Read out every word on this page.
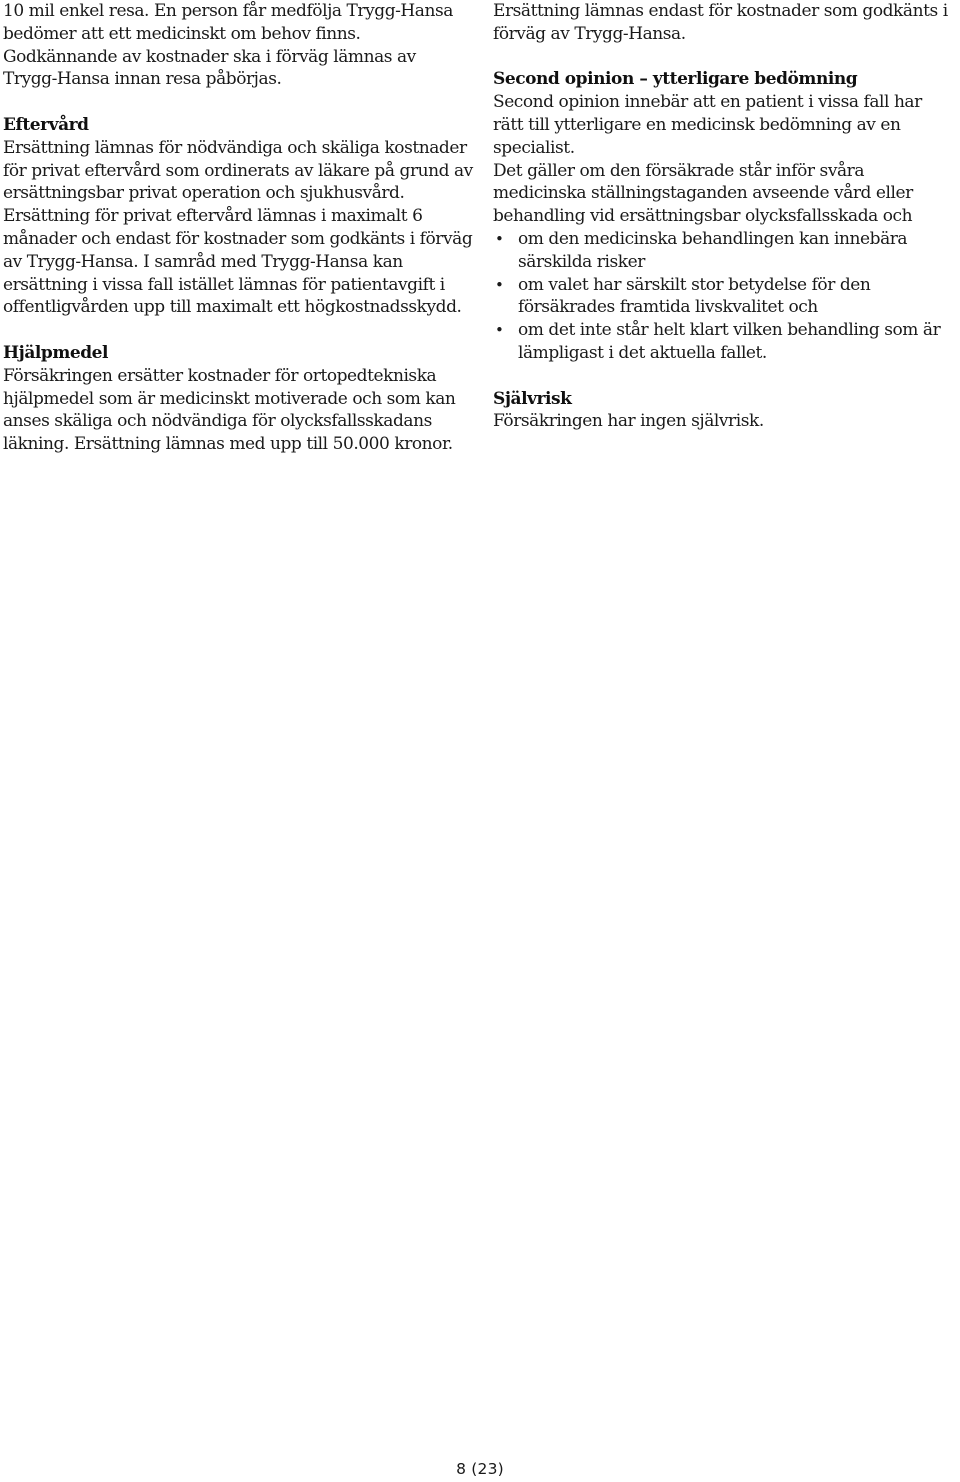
10 mil enkel resa. En person får medfölja Trygg-Hansa bedömer att ett medicinskt om behov finns. Godkännande av kostnader ska i förväg lämnas av Trygg-Hansa innan resa påbörjas.

Eftervård

Ersättning lämnas för nödvändiga och skäliga kostnader för privat eftervård som ordinerats av läkare på grund av ersättningsbar privat operation och sjukhusvård.

Ersättning för privat eftervård lämnas i maximalt 6 månader och endast för kostnader som godkänts i förväg av Trygg-Hansa. I samråd med Trygg-Hansa kan ersättning i vissa fall istället lämnas för patientavgift i offentligvården upp till maximalt ett högkostnadsskydd.

Hjälpmedel

Försäkringen ersätter kostnader för ortopedtekniska hjälpmedel som är medicinskt motiverade och som kan anses skäliga och nödvändiga för olycksfallsskadans läkning. Ersättning lämnas med upp till 50.000 kronor.

Ersättning lämnas endast för kostnader som godkänts i förväg av Trygg-Hansa.

Second opinion – ytterligare bedömning

Second opinion innebär att en patient i vissa fall har rätt till ytterligare en medicinsk bedömning av en specialist.

Det gäller om den försäkrade står inför svåra medicinska ställningstaganden avseende vård eller behandling vid ersättningsbar olycksfallsskada och

• om den medicinska behandlingen kan innebära särskilda risker
• om valet har särskilt stor betydelse för den försäkrades framtida livskvalitet och
• om det inte står helt klart vilken behandling som är lämpligast i det aktuella fallet.

Självrisk

Försäkringen har ingen självrisk.

8 (23)
